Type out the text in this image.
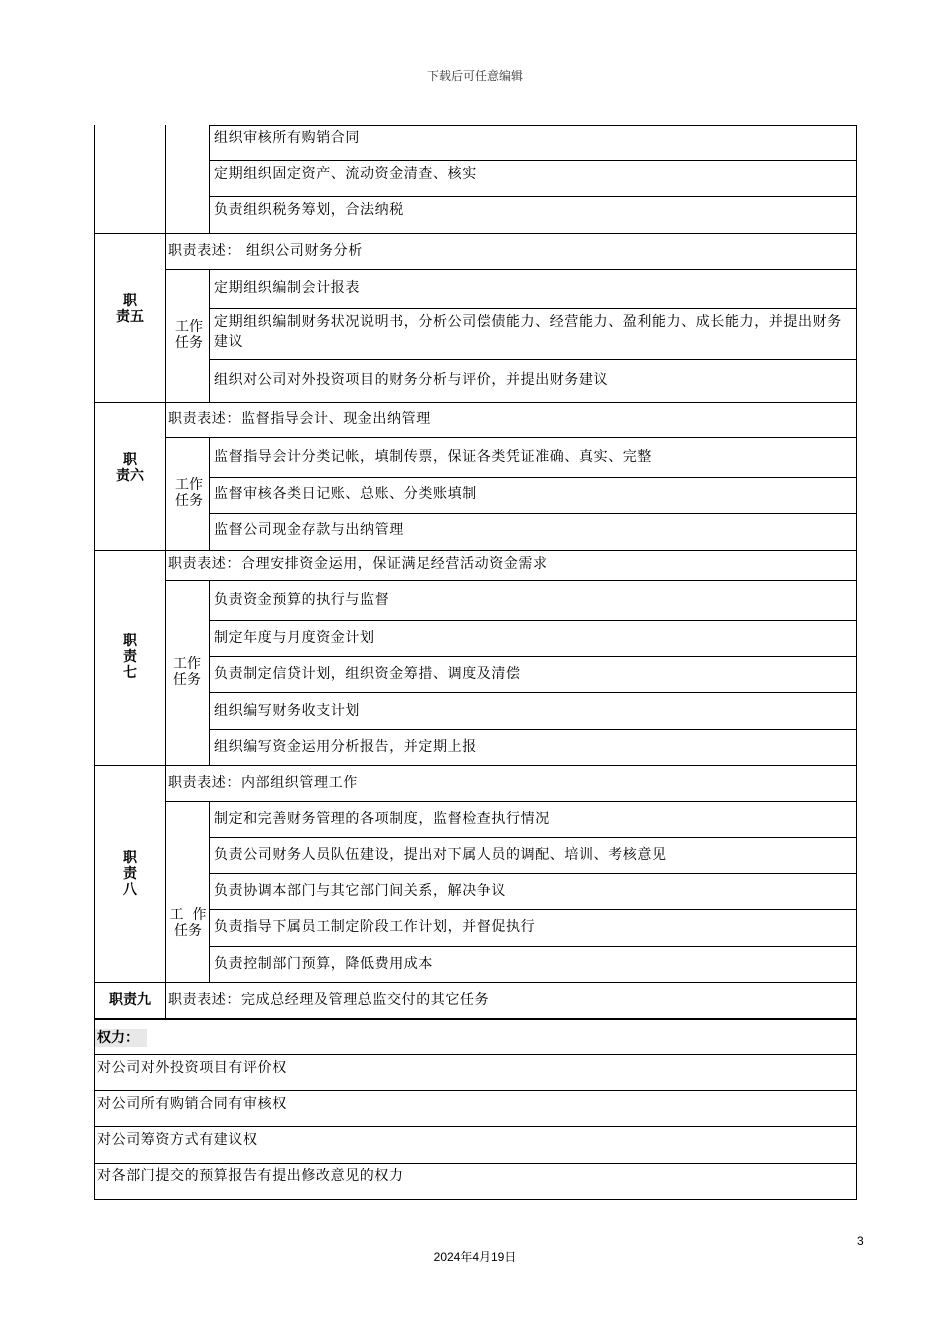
下载后可任意编辑
组织审核所有购销合同
定期组织固定资产、流动资金清查、核实
负责组织税务筹划，合法纳税
职
责五
职责表述： 组织公司财务分析
工作
任务
定期组织编制会计报表
定期组织编制财务状况说明书，分析公司偿债能力、经营能力、盈利能力、成长能力，并提出财务建议
组织对公司对外投资项目的财务分析与评价，并提出财务建议
职
责六
职责表述：监督指导会计、现金出纳管理
工作
任务
监督指导会计分类记帐，填制传票，保证各类凭证准确、真实、完整
监督审核各类日记账、总账、分类账填制
监督公司现金存款与出纳管理
职
责
七
职责表述：合理安排资金运用，保证满足经营活动资金需求
工作
任务
负责资金预算的执行与监督
制定年度与月度资金计划
负责制定信贷计划，组织资金筹措、调度及清偿
组织编写财务收支计划
组织编写资金运用分析报告，并定期上报
职
责
八
职责表述：内部组织管理工作

工  作
任务

制定和完善财务管理的各项制度，监督检查执行情况
负责公司财务人员队伍建设，提出对下属人员的调配、培训、考核意见
负责协调本部门与其它部门间关系，解决争议
负责指导下属员工制定阶段工作计划，并督促执行
负责控制部门预算，降低费用成本
职责九	职责表述：完成总经理及管理总监交付的其它任务
权力：
对公司对外投资项目有评价权
对公司所有购销合同有审核权
对公司筹资方式有建议权
对各部门提交的预算报告有提出修改意见的权力
3
2024年4月19日
